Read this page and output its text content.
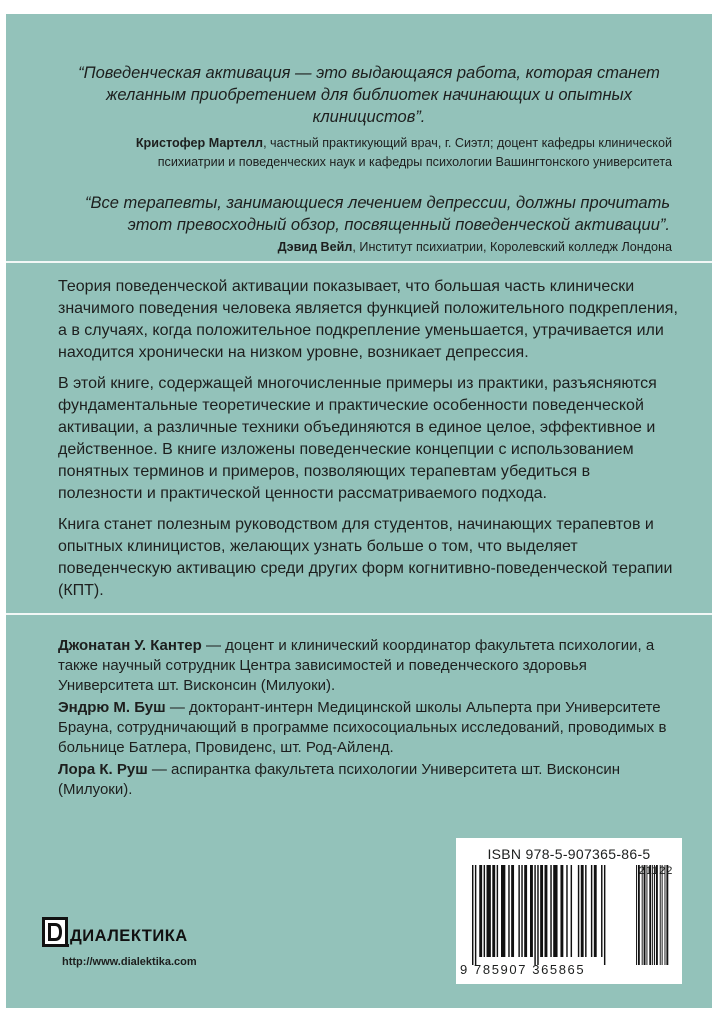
“Поведенческая активация — это выдающаяся работа, которая станет желанным приобретением для библиотек начинающих и опытных клиницистов”.

Кристофер Мартелл, частный практикующий врач, г. Сиэтл; доцент кафедры клинической психиатрии и поведенческих наук и кафедры психологии Вашингтонского университета

“Все терапевты, занимающиеся лечением депрессии, должны прочитать этот превосходный обзор, посвященный поведенческой активации”.

Дэвид Вейл, Институт психиатрии, Королевский колледж Лондона

Теория поведенческой активации показывает, что большая часть клинически значимого поведения человека является функцией положительного подкрепления, а в случаях, когда положительное подкрепление уменьшается, утрачивается или находится хронически на низком уровне, возникает депрессия.

В этой книге, содержащей многочисленные примеры из практики, разъясняются фундаментальные теоретические и практические особенности поведенческой активации, а различные техники объединяются в единое целое, эффективное и действенное. В книге изложены поведенческие концепции с использованием понятных терминов и примеров, позволяющих терапевтам убедиться в полезности и практической ценности рассматриваемого подхода.

Книга станет полезным руководством для студентов, начинающих терапевтов и опытных клиницистов, желающих узнать больше о том, что выделяет поведенческую активацию среди других форм когнитивно-поведенческой терапии (КПТ).

Джонатан У. Кантер — доцент и клинический координатор факультета психологии, а также научный сотрудник Центра зависимостей и поведенческого здоровья Университета шт. Висконсин (Милуоки).

Эндрю М. Буш — докторант-интерн Медицинской школы Альперта при Университете Брауна, сотрудничающий в программе психосоциальных исследований, проводимых в больнице Батлера, Провиденс, шт. Род-Айленд.

Лора К. Руш — аспирантка факультета психологии Университета шт. Висконсин (Милуоки).

ДИАЛЕКТИКА
http://www.dialektika.com
ISBN 978-5-907365-86-5
21122
9 785907 365865
